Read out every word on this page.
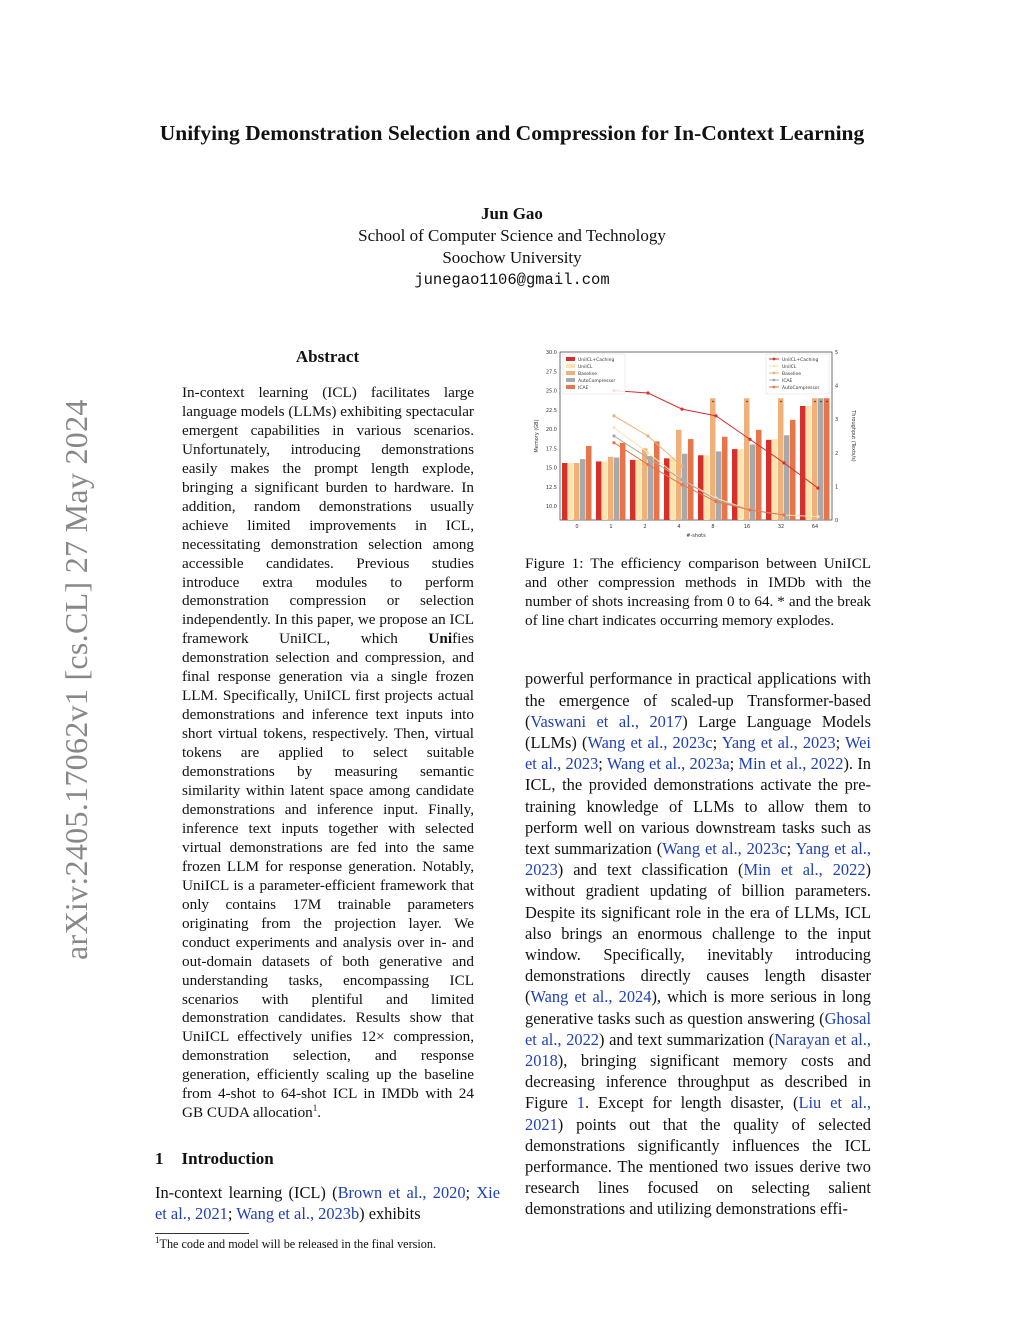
arXiv:2405.17062v1 [cs.CL] 27 May 2024
Unifying Demonstration Selection and Compression for In-Context Learning
Jun Gao
School of Computer Science and Technology
Soochow University
junegao1106@gmail.com
Abstract
In-context learning (ICL) facilitates large language models (LLMs) exhibiting spectacular emergent capabilities in various scenarios. Unfortunately, introducing demonstrations easily makes the prompt length explode, bringing a significant burden to hardware. In addition, random demonstrations usually achieve limited improvements in ICL, necessitating demonstration selection among accessible candidates. Previous studies introduce extra modules to perform demonstration compression or selection independently. In this paper, we propose an ICL framework UniICL, which Unifies demonstration selection and compression, and final response generation via a single frozen LLM. Specifically, UniICL first projects actual demonstrations and inference text inputs into short virtual tokens, respectively. Then, virtual tokens are applied to select suitable demonstrations by measuring semantic similarity within latent space among candidate demonstrations and inference input. Finally, inference text inputs together with selected virtual demonstrations are fed into the same frozen LLM for response generation. Notably, UniICL is a parameter-efficient framework that only contains 17M trainable parameters originating from the projection layer. We conduct experiments and analysis over in- and out-domain datasets of both generative and understanding tasks, encompassing ICL scenarios with plentiful and limited demonstration candidates. Results show that UniICL effectively unifies 12× compression, demonstration selection, and response generation, efficiently scaling up the baseline from 4-shot to 64-shot ICL in IMDb with 24 GB CUDA allocation$^1$.
1 Introduction
In-context learning (ICL) (Brown et al., 2020; Xie et al., 2021; Wang et al., 2023b) exhibits
$^1$The code and model will be released in the final version.
10.0
12.5
15.0
17.5
20.0
22.5
25.0
27.5
30.0
0
1
2
3
4
5
0	1	2	4	8	16	32	64
#-shots
Memory (GB)	Throughput (Texts/s)
*	*	*	* * *
UniICL+Caching
UniICL
Baseline
AutoCompressor
ICAE
UniICL+Caching
UniICL
Baseline
ICAE
AutoCompressor
Figure 1: The efficiency comparison between UniICL and other compression methods in IMDb with the number of shots increasing from 0 to 64. * and the break of line chart indicates occurring memory explodes.
powerful performance in practical applications with the emergence of scaled-up Transformer-based (Vaswani et al., 2017) Large Language Models (LLMs) (Wang et al., 2023c; Yang et al., 2023; Wei et al., 2023; Wang et al., 2023a; Min et al., 2022). In ICL, the provided demonstrations activate the pre-training knowledge of LLMs to allow them to perform well on various downstream tasks such as text summarization (Wang et al., 2023c; Yang et al., 2023) and text classification (Min et al., 2022) without gradient updating of billion parameters. Despite its significant role in the era of LLMs, ICL also brings an enormous challenge to the input window. Specifically, inevitably introducing demonstrations directly causes length disaster (Wang et al., 2024), which is more serious in long generative tasks such as question answering (Ghosal et al., 2022) and text summarization (Narayan et al., 2018), bringing significant memory costs and decreasing inference throughput as described in Figure 1. Except for length disaster, (Liu et al., 2021) points out that the quality of selected demonstrations significantly influences the ICL performance. The mentioned two issues derive two research lines focused on selecting salient demonstrations and utilizing demonstrations effi-
